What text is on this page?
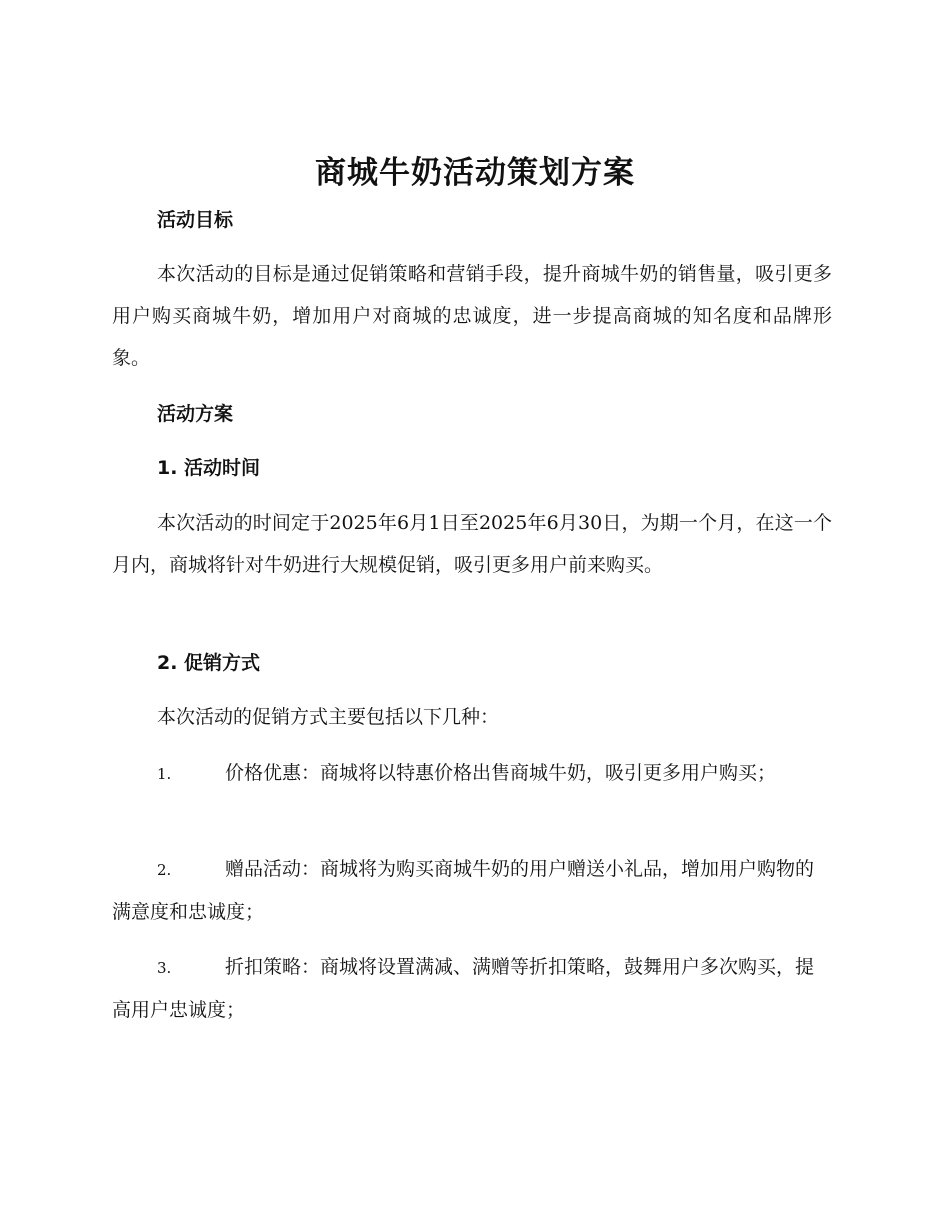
商城牛奶活动策划方案
活动目标

本次活动的目标是通过促销策略和营销手段，提升商城牛奶的销售量，吸引更多用户购买商城牛奶，增加用户对商城的忠诚度，进一步提高商城的知名度和品牌形象。

活动方案
1. 活动时间

本次活动的时间定于2025年6月1日至2025年6月30日，为期一个月，在这一个月内，商城将针对牛奶进行大规模促销，吸引更多用户前来购买。

2. 促销方式

本次活动的促销方式主要包括以下几种：

1.	价格优惠：商城将以特惠价格出售商城牛奶，吸引更多用户购买；

2.	赠品活动：商城将为购买商城牛奶的用户赠送小礼品，增加用户购物的满意度和忠诚度；

3.	折扣策略：商城将设置满减、满赠等折扣策略，鼓舞用户多次购买，提高用户忠诚度；
